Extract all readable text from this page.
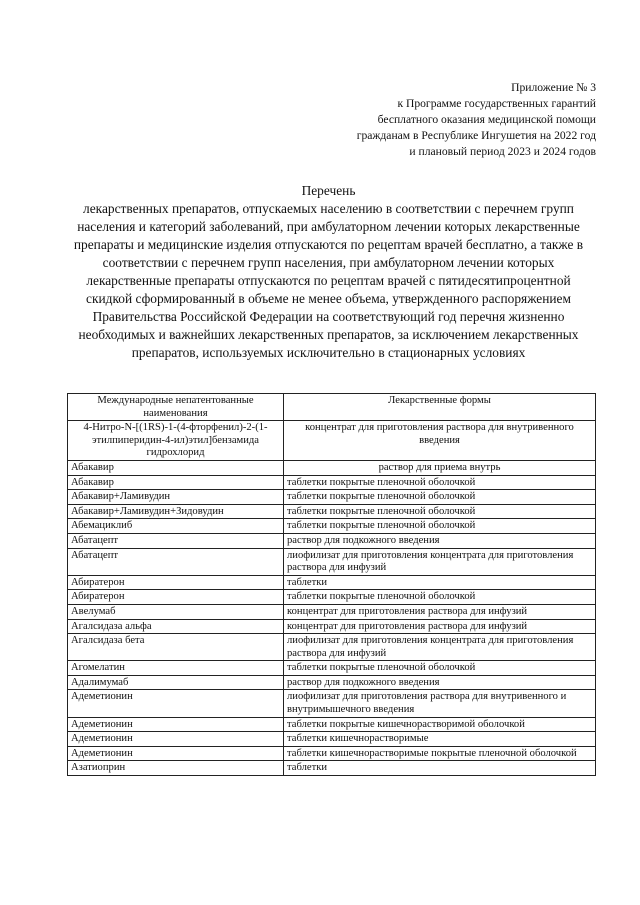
Приложение № 3
к Программе государственных гарантий
бесплатного оказания медицинской помощи
гражданам в Республике Ингушетия на 2022 год
и плановый период 2023 и 2024 годов
Перечень
лекарственных препаратов, отпускаемых населению в соответствии с перечнем групп населения и категорий заболеваний, при амбулаторном лечении которых лекарственные препараты и медицинские изделия отпускаются по рецептам врачей бесплатно, а также в соответствии с перечнем групп населения, при амбулаторном лечении которых лекарственные препараты отпускаются по рецептам врачей с пятидесятипроцентной скидкой сформированный в объеме не менее объема, утвержденного распоряжением Правительства Российской Федерации на соответствующий год перечня жизненно необходимых и важнейших лекарственных препаратов, за исключением лекарственных препаратов, используемых исключительно в стационарных условиях
Международные непатентованные наименования	Лекарственные формы
4-Нитро-N-[(1RS)-1-(4-фторфенил)-2-(1-этилпиперидин-4-ил)этил]бензамида гидрохлорид	концентрат для приготовления раствора для внутривенного введения
Абакавир	раствор для приема внутрь
Абакавир	таблетки покрытые пленочной оболочкой
Абакавир+Ламивудин	таблетки покрытые пленочной оболочкой
Абакавир+Ламивудин+Зидовудин	таблетки покрытые пленочной оболочкой
Абемациклиб	таблетки покрытые пленочной оболочкой
Абатацепт	раствор для подкожного введения
Абатацепт	лиофилизат для приготовления концентрата для приготовления раствора для инфузий
Абиратерон	таблетки
Абиратерон	таблетки покрытые пленочной оболочкой
Авелумаб	концентрат для приготовления раствора для инфузий
Агалсидаза альфа	концентрат для приготовления раствора для инфузий
Агалсидаза бета	лиофилизат для приготовления концентрата для приготовления раствора для инфузий
Агомелатин	таблетки покрытые пленочной оболочкой
Адалимумаб	раствор для подкожного введения
Адеметионин	лиофилизат для приготовления раствора для внутривенного и внутримышечного введения
Адеметионин	таблетки покрытые кишечнорастворимой оболочкой
Адеметионин	таблетки кишечнорастворимые
Адеметионин	таблетки кишечнорастворимые покрытые пленочной оболочкой
Азатиоприн	таблетки
